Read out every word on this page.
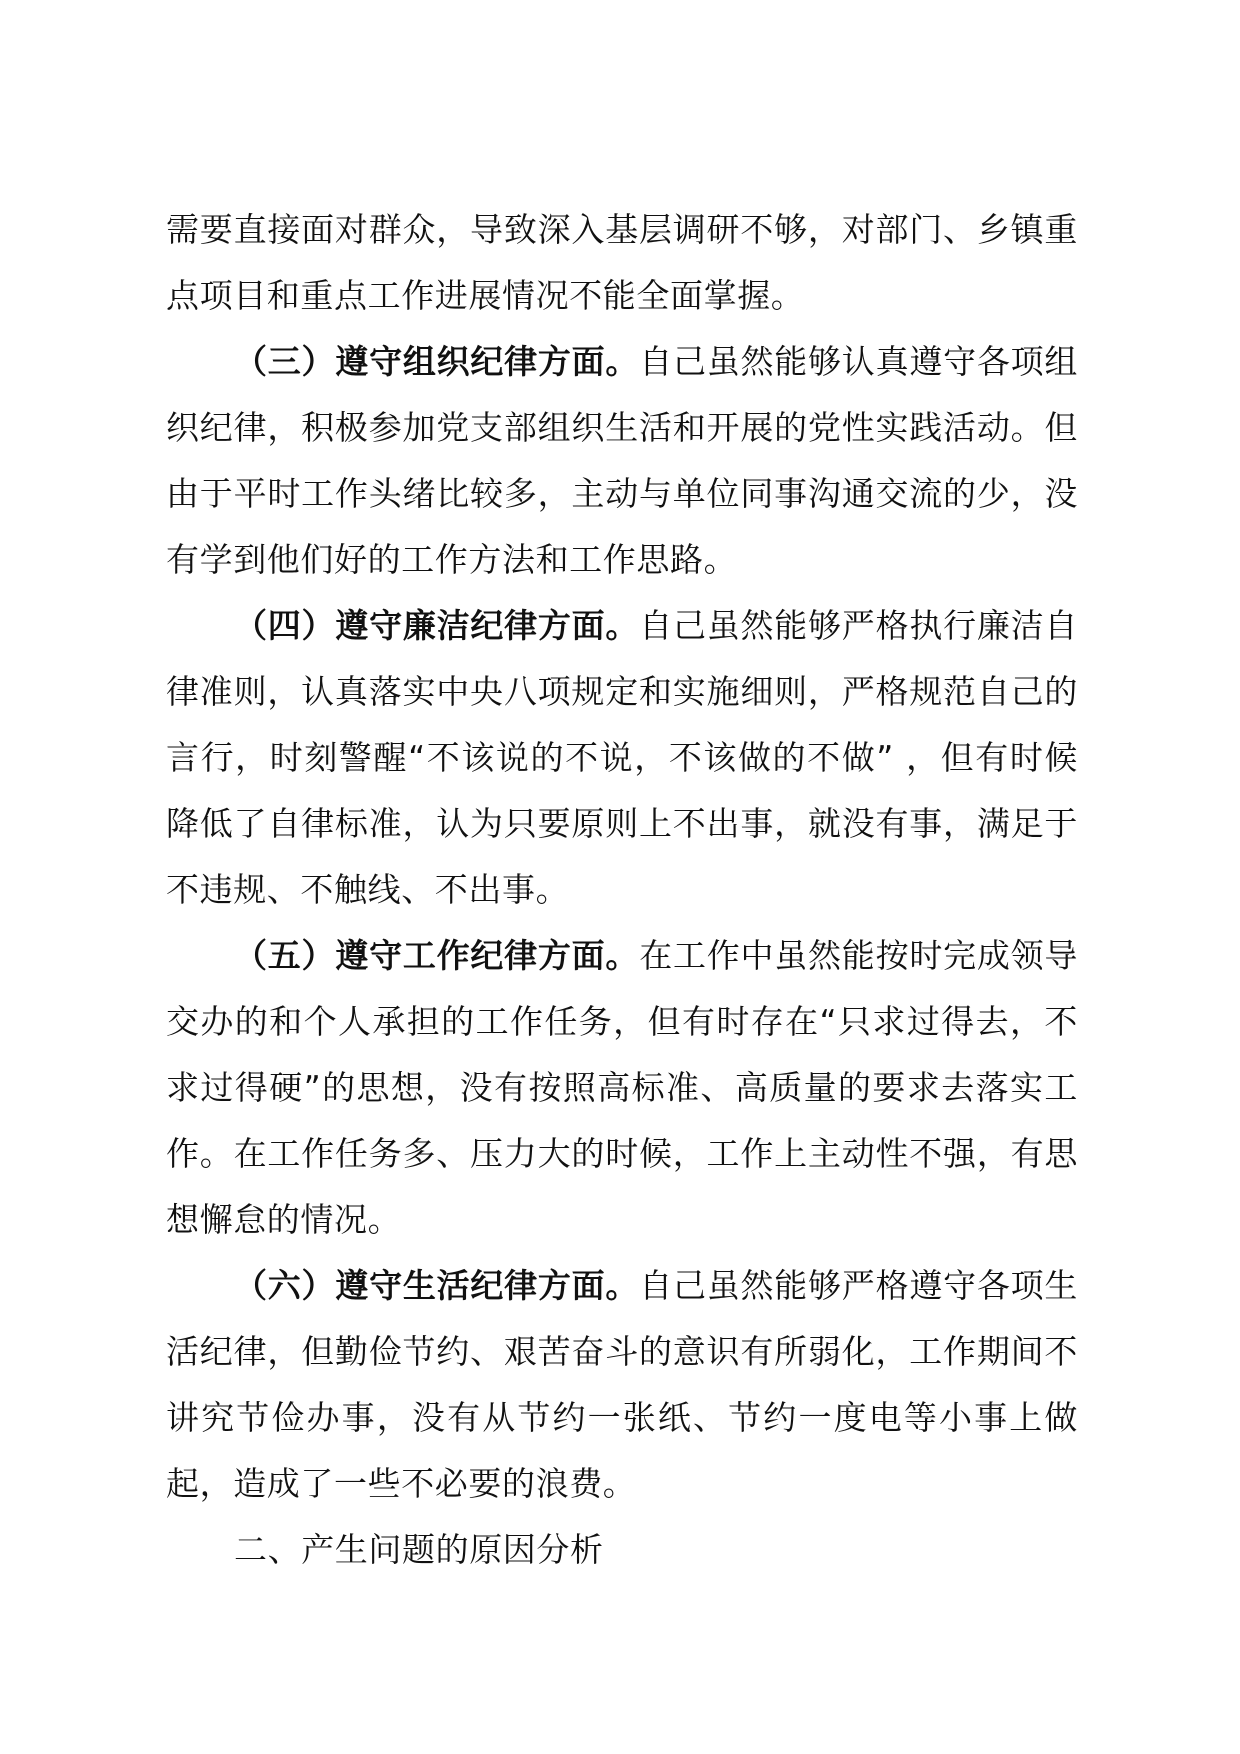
需要直接面对群众，导致深入基层调研不够，对部门、乡镇重点项目和重点工作进展情况不能全面掌握。

（三）遵守组织纪律方面。自己虽然能够认真遵守各项组织纪律，积极参加党支部组织生活和开展的党性实践活动。但由于平时工作头绪比较多，主动与单位同事沟通交流的少，没有学到他们好的工作方法和工作思路。

（四）遵守廉洁纪律方面。自己虽然能够严格执行廉洁自律准则，认真落实中央八项规定和实施细则，严格规范自己的言行，时刻警醒“不该说的不说，不该做的不做” ，但有时候降低了自律标准，认为只要原则上不出事，就没有事，满足于不违规、不触线、不出事。

（五）遵守工作纪律方面。在工作中虽然能按时完成领导交办的和个人承担的工作任务，但有时存在“只求过得去，不求过得硬”的思想，没有按照高标准、高质量的要求去落实工作。在工作任务多、压力大的时候，工作上主动性不强，有思想懈怠的情况。

（六）遵守生活纪律方面。自己虽然能够严格遵守各项生活纪律，但勤俭节约、艰苦奋斗的意识有所弱化，工作期间不讲究节俭办事，没有从节约一张纸、节约一度电等小事上做起，造成了一些不必要的浪费。

二、产生问题的原因分析
